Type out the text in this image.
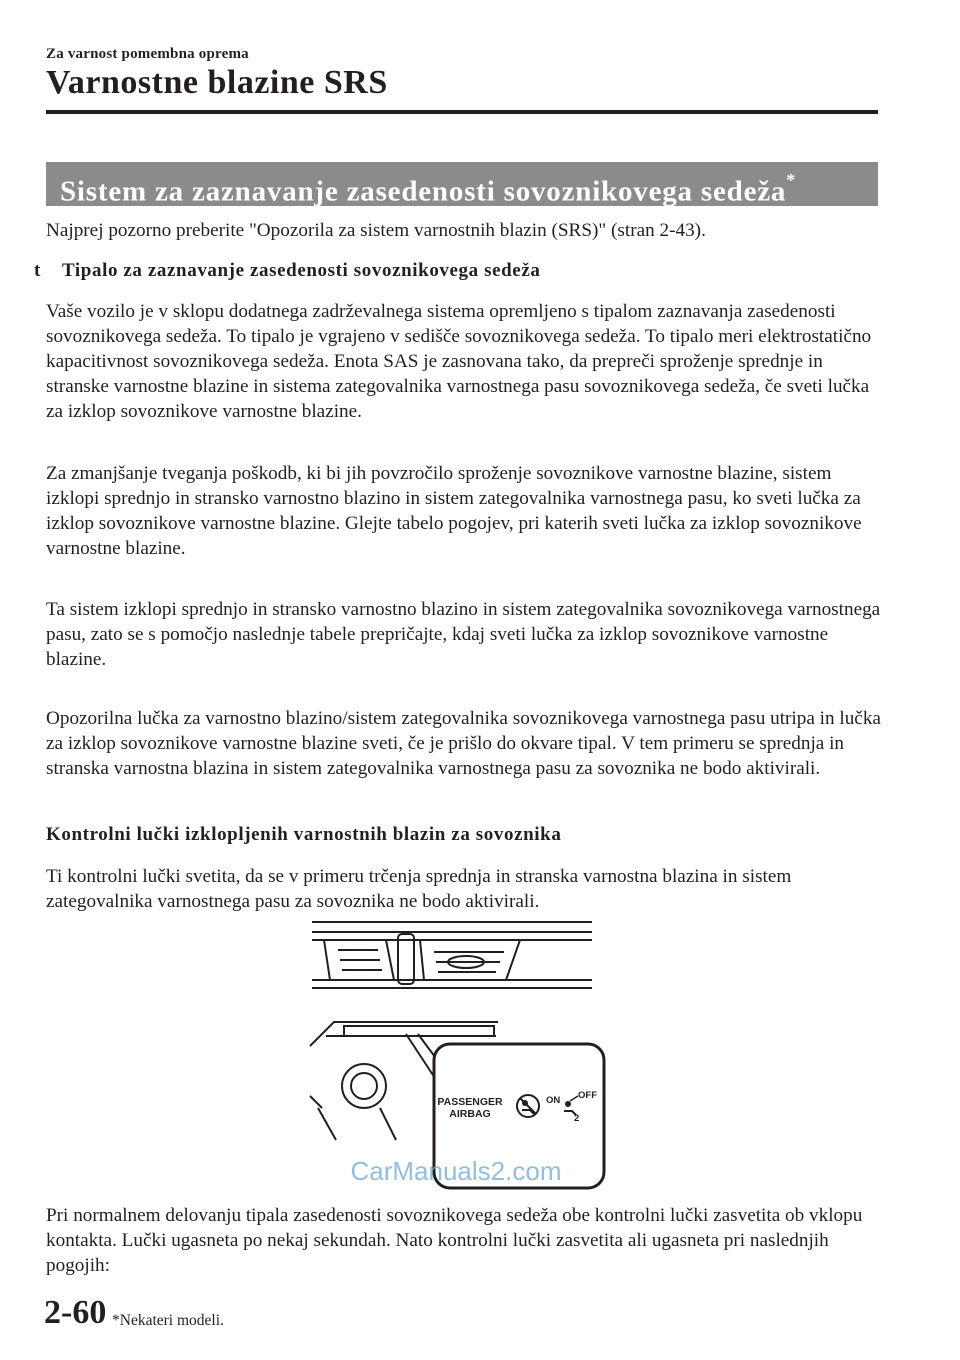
Za varnost pomembna oprema
Varnostne blazine SRS
Sistem za zaznavanje zasedenosti sovoznikovega sedeža*
Najprej pozorno preberite "Opozorila za sistem varnostnih blazin (SRS)" (stran 2-43).
t Tipalo za zaznavanje zasedenosti sovoznikovega sedeža
Vaše vozilo je v sklopu dodatnega zadrževalnega sistema opremljeno s tipalom zaznavanja zasedenosti sovoznikovega sedeža. To tipalo je vgrajeno v sedišče sovoznikovega sedeža. To tipalo meri elektrostatično kapacitivnost sovoznikovega sedeža. Enota SAS je zasnovana tako, da prepreči sproženje sprednje in stranske varnostne blazine in sistema zategovalnika varnostnega pasu sovoznikovega sedeža, če sveti lučka za izklop sovoznikove varnostne blazine.
Za zmanjšanje tveganja poškodb, ki bi jih povzročilo sproženje sovoznikove varnostne blazine, sistem izklopi sprednjo in stransko varnostno blazino in sistem zategovalnika varnostnega pasu, ko sveti lučka za izklop sovoznikove varnostne blazine. Glejte tabelo pogojev, pri katerih sveti lučka za izklop sovoznikove varnostne blazine.
Ta sistem izklopi sprednjo in stransko varnostno blazino in sistem zategovalnika sovoznikovega varnostnega pasu, zato se s pomočjo naslednje tabele prepričajte, kdaj sveti lučka za izklop sovoznikove varnostne blazine.
Opozorilna lučka za varnostno blazino/sistem zategovalnika sovoznikovega varnostnega pasu utripa in lučka za izklop sovoznikove varnostne blazine sveti, če je prišlo do okvare tipal. V tem primeru se sprednja in stranska varnostna blazina in sistem zategovalnika varnostnega pasu za sovoznika ne bodo aktivirali.
Kontrolni lučki izklopljenih varnostnih blazin za sovoznika
Ti kontrolni lučki svetita, da se v primeru trčenja sprednja in stranska varnostna blazina in sistem zategovalnika varnostnega pasu za sovoznika ne bodo aktivirali.
PASSENGER
AIRBAG
ON OFF
2
CarManuals2.com
Pri normalnem delovanju tipala zasedenosti sovoznikovega sedeža obe kontrolni lučki zasvetita ob vklopu kontakta. Lučki ugasneta po nekaj sekundah. Nato kontrolni lučki zasvetita ali ugasneta pri naslednjih pogojih:
2-60 *Nekateri modeli.
